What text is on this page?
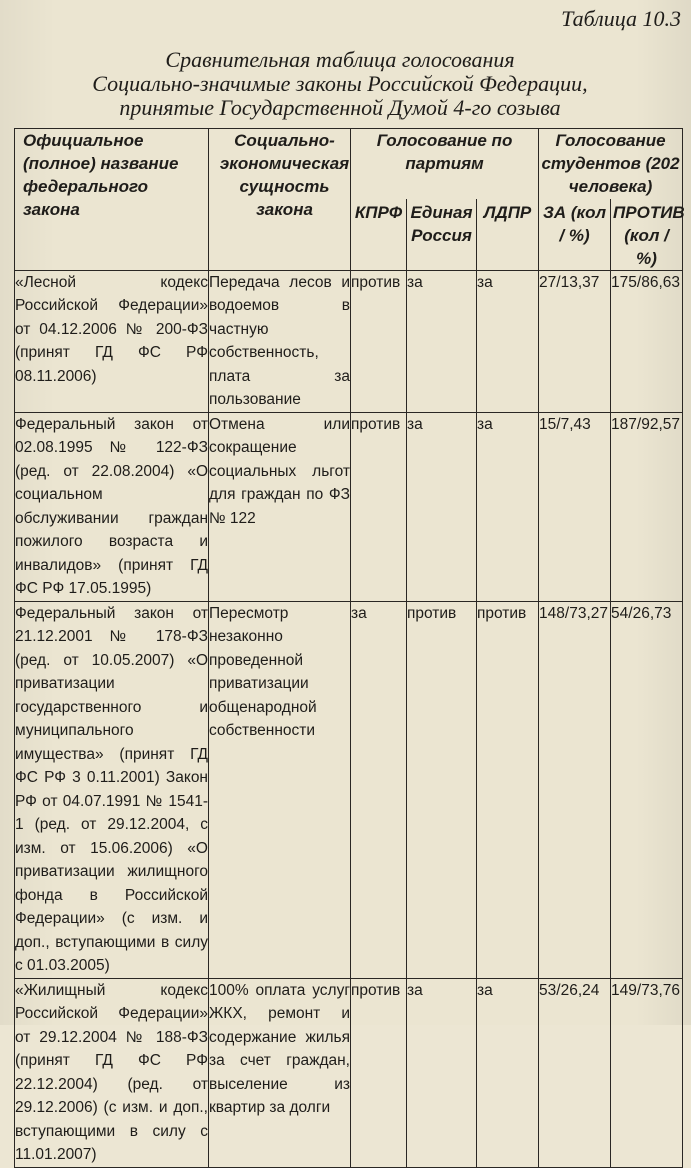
Таблица 10.3
Сравнительная таблица голосования
Социально-значимые законы Российской Федерации,
принятые Государственной Думой 4-го созыва
Официальное (полное) название федерального закона	Социально-экономическая сущность закона	Голосование по партиям			Голосование студентов (202 человека)	
		КПРФ	Единая Россия	ЛДПР	ЗА (кол / %)	ПРОТИВ (кол / %)
«Лесной кодекс Российской Федерации» от 04.12.2006 № 200-ФЗ (принят ГД ФС РФ 08.11.2006)	Передача лесов и водоемов в частную собственность, плата за пользование	против	за	за	27/13,37	175/86,63
Федеральный закон от 02.08.1995 № 122-ФЗ (ред. от 22.08.2004) «О социальном обслуживании граждан пожилого возраста и инвалидов» (принят ГД ФС РФ 17.05.1995)	Отмена или сокращение социальных льгот для граждан по ФЗ № 122	против	за	за	15/7,43	187/92,57
Федеральный закон от 21.12.2001 № 178-ФЗ (ред. от 10.05.2007) «О приватизации государственного и муниципального имущества» (принят ГД ФС РФ 3 0.11.2001) Закон РФ от 04.07.1991 № 1541-1 (ред. от 29.12.2004, с изм. от 15.06.2006) «О приватизации жилищного фонда в Российской Федерации» (с изм. и доп., вступающими в силу с 01.03.2005)	Пересмотр незаконно проведенной приватизации общенародной собственности	за	против	против	148/73,27	54/26,73
«Жилищный кодекс Российской Федерации» от 29.12.2004 № 188-ФЗ (принят ГД ФС РФ 22.12.2004) (ред. от 29.12.2006) (с изм. и доп., вступающими в силу с 11.01.2007)	100% оплата услуг ЖКХ, ремонт и содержание жилья за счет граждан, выселение из квартир за долги	против	за	за	53/26,24	149/73,76
